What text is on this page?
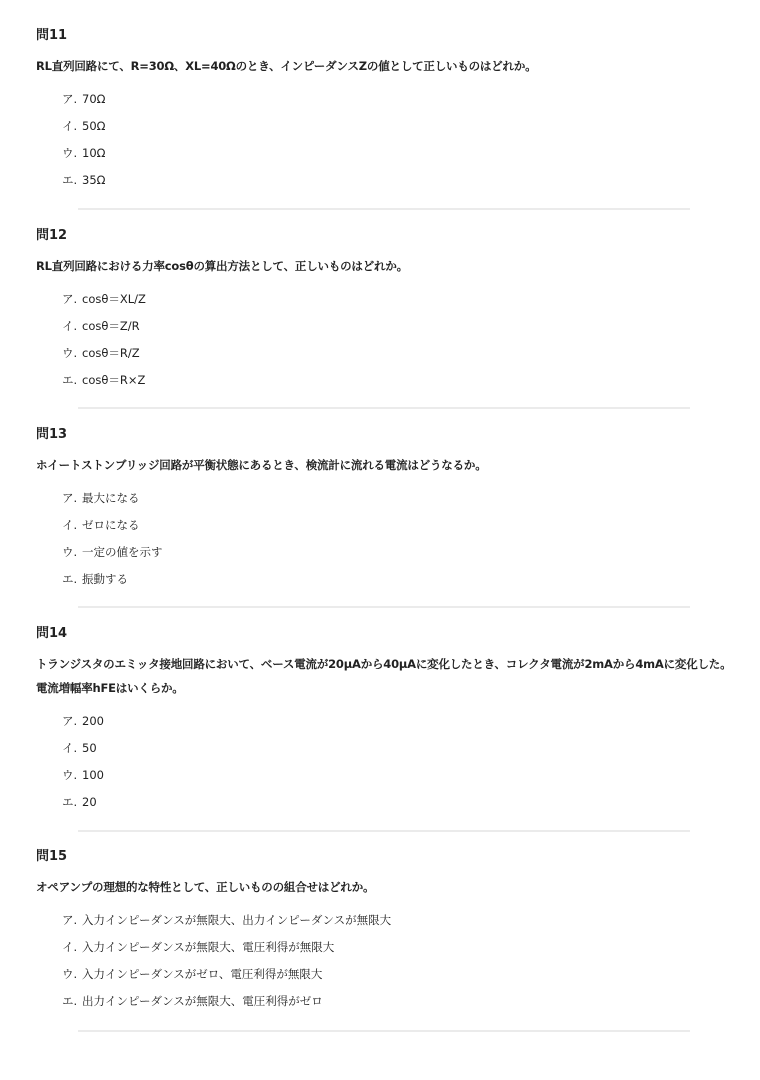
問11
RL直列回路にて、R=30Ω、XL=40Ωのとき、インピーダンスZの値として正しいものはどれか。
ア. 70Ω
イ. 50Ω
ウ. 10Ω
エ. 35Ω
問12
RL直列回路における力率cosθの算出方法として、正しいものはどれか。
ア. cosθ＝XL/Z
イ. cosθ＝Z/R
ウ. cosθ＝R/Z
エ. cosθ＝R×Z
問13
ホイートストンブリッジ回路が平衡状態にあるとき、検流計に流れる電流はどうなるか。
ア. 最大になる
イ. ゼロになる
ウ. 一定の値を示す
エ. 振動する
問14
トランジスタのエミッタ接地回路において、ベース電流が20μAから40μAに変化したとき、コレクタ電流が2mAから4mAに変化した。電流増幅率hFEはいくらか。
ア. 200
イ. 50
ウ. 100
エ. 20
問15
オペアンプの理想的な特性として、正しいものの組合せはどれか。
ア. 入力インピーダンスが無限大、出力インピーダンスが無限大
イ. 入力インピーダンスが無限大、電圧利得が無限大
ウ. 入力インピーダンスがゼロ、電圧利得が無限大
エ. 出力インピーダンスが無限大、電圧利得がゼロ
